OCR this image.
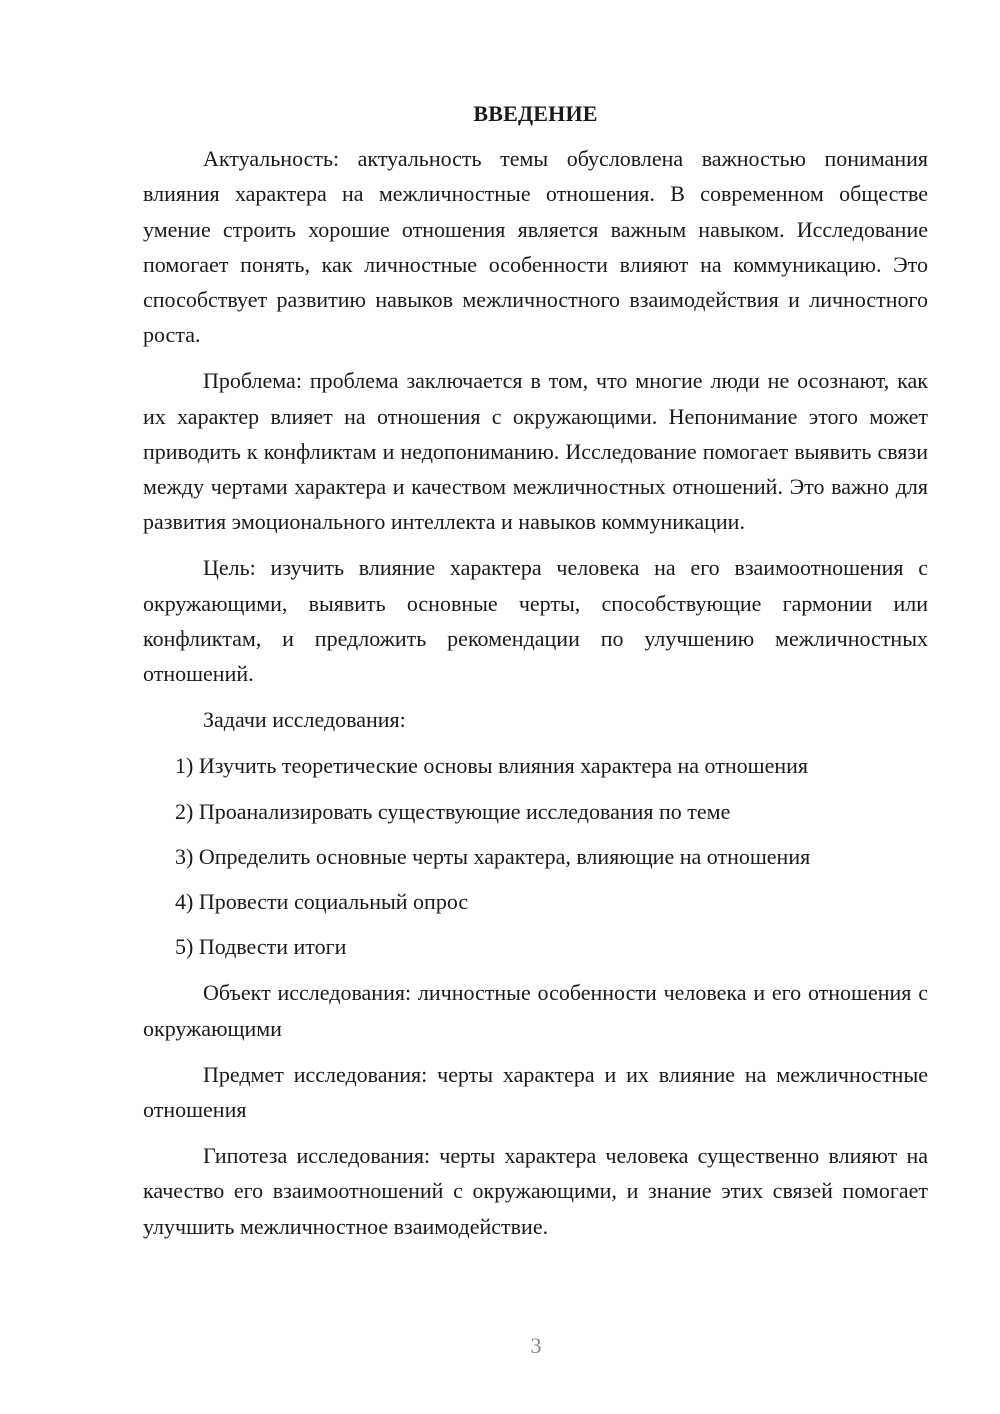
ВВЕДЕНИЕ

Актуальность: актуальность темы обусловлена важностью понимания влияния характера на межличностные отношения. В современном обществе умение строить хорошие отношения является важным навыком. Исследование помогает понять, как личностные особенности влияют на коммуникацию. Это способствует развитию навыков межличностного взаимодействия и личностного роста.

Проблема: проблема заключается в том, что многие люди не осознают, как их характер влияет на отношения с окружающими. Непонимание этого может приводить к конфликтам и недопониманию. Исследование помогает выявить связи между чертами характера и качеством межличностных отношений. Это важно для развития эмоционального интеллекта и навыков коммуникации.

Цель: изучить влияние характера человека на его взаимоотношения с окружающими, выявить основные черты, способствующие гармонии или конфликтам, и предложить рекомендации по улучшению межличностных отношений.

Задачи исследования:

1) Изучить теоретические основы влияния характера на отношения
2) Проанализировать существующие исследования по теме
3) Определить основные черты характера, влияющие на отношения
4) Провести социальный опрос
5) Подвести итоги

Объект исследования: личностные особенности человека и его отношения с окружающими

Предмет исследования: черты характера и их влияние на межличностные отношения

Гипотеза исследования: черты характера человека существенно влияют на качество его взаимоотношений с окружающими, и знание этих связей помогает улучшить межличностное взаимодействие.

3
